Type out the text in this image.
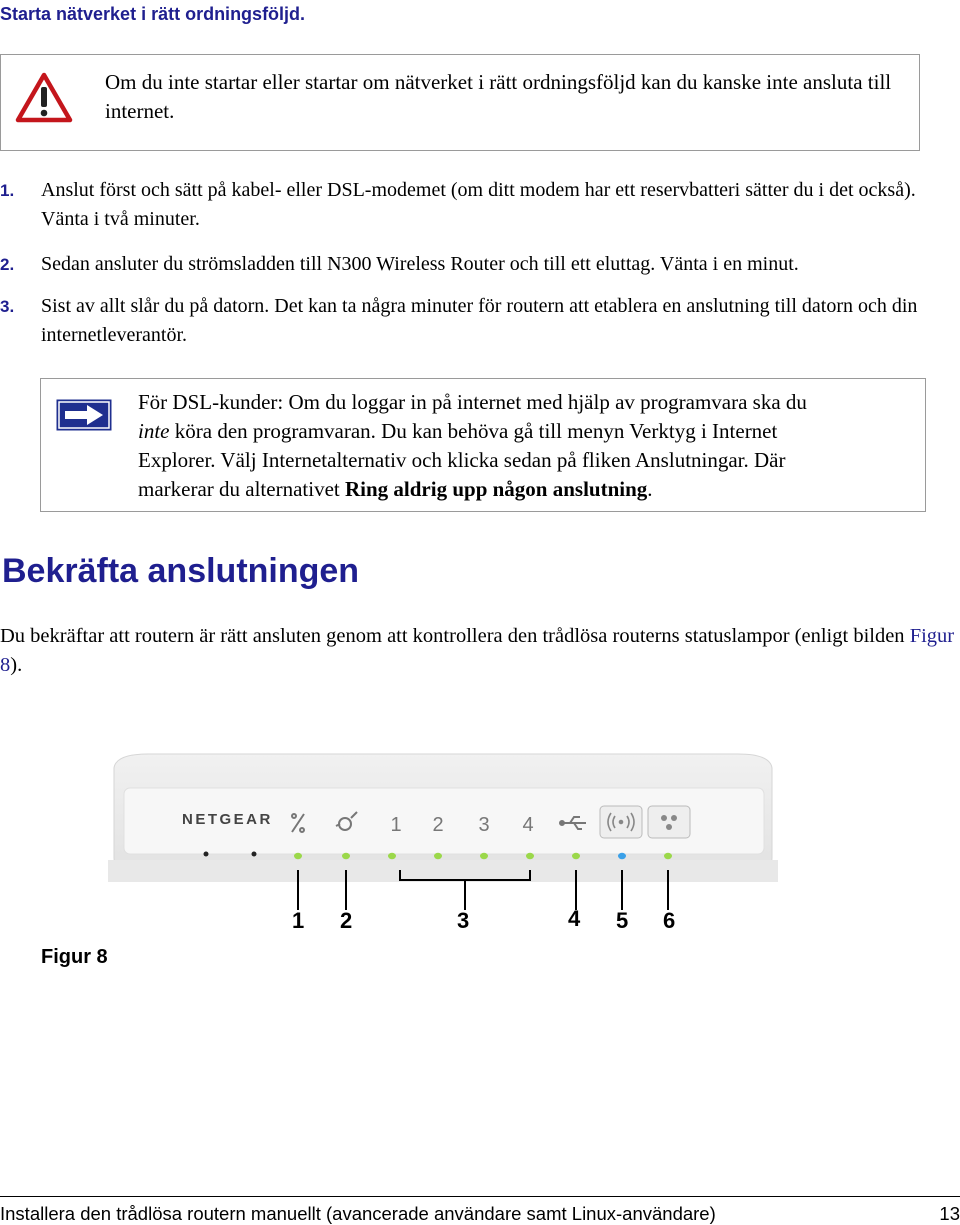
Starta nätverket i rätt ordningsföljd.
Om du inte startar eller startar om nätverket i rätt ordningsföljd kan du kanske inte ansluta till internet.
1.	Anslut först och sätt på kabel- eller DSL-modemet (om ditt modem har ett reservbatteri sätter du i det också). Vänta i två minuter.
2.	Sedan ansluter du strömsladden till N300 Wireless Router och till ett eluttag. Vänta i en minut.
3.	Sist av allt slår du på datorn. Det kan ta några minuter för routern att etablera en anslutning till datorn och din internetleverantör.
För DSL-kunder: Om du loggar in på internet med hjälp av programvara ska du
inte köra den programvaran. Du kan behöva gå till menyn Verktyg i Internet
Explorer. Välj Internetalternativ och klicka sedan på fliken Anslutningar. Där
markerar du alternativet Ring aldrig upp någon anslutning.
Bekräfta anslutningen
Du bekräftar att routern är rätt ansluten genom att kontrollera den trådlösa routerns statuslampor (enligt bilden Figur 8).
NETGEAR	1 2 3 4
1 2	3	4 5 6
Figur 8
Installera den trådlösa routern manuellt (avancerade användare samt Linux-användare)	13
